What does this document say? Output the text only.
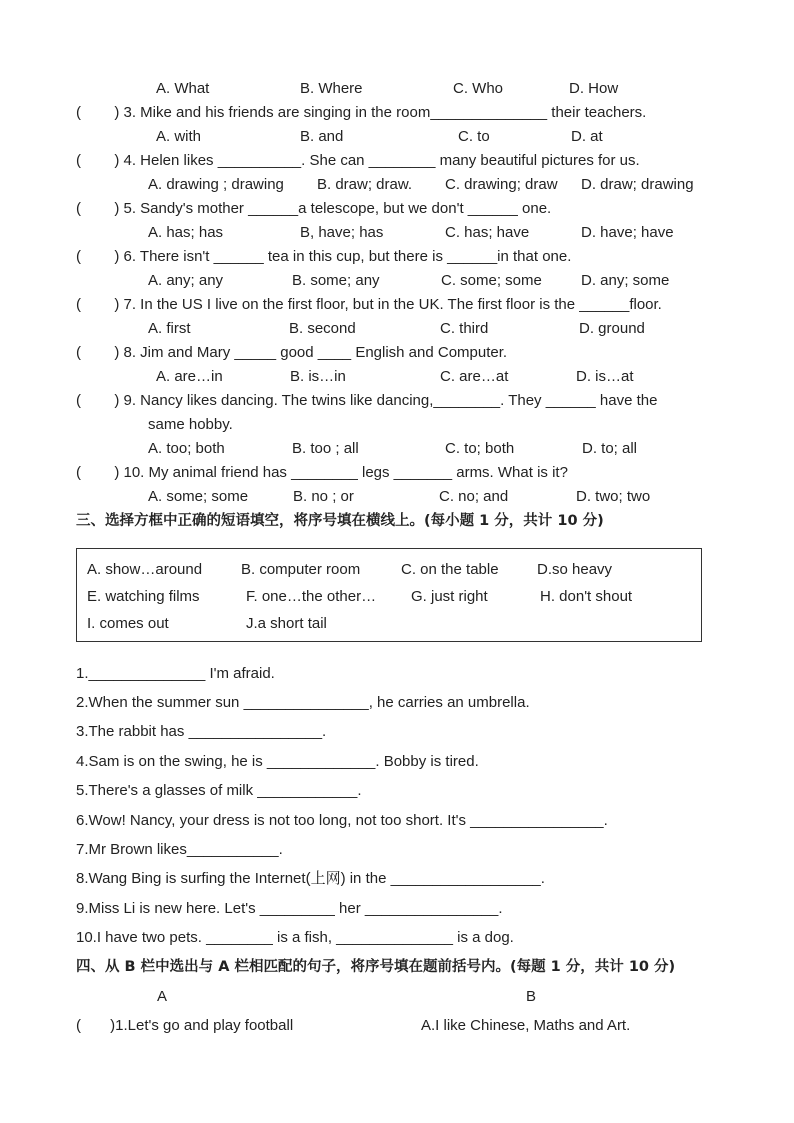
A. What	B. Where	C. Who	D. How
(        ) 3. Mike and his friends are singing in the room______________ their teachers.
A. with	B. and	C. to	D. at
(        ) 4. Helen likes __________. She can ________ many beautiful pictures for us.
A. drawing ; drawing B. draw; draw. C. drawing; draw D. draw; drawing
(        ) 5. Sandy's mother ______a telescope, but we don't ______ one.
A. has; has	B, have; has	C. has; have	D. have; have
(        ) 6. There isn't ______ tea in this cup, but there is ______in that one.
A. any; any	B. some; any	C. some; some	D. any; some
(        ) 7. In the US I live on the first floor, but in the UK. The first floor is the ______floor.
A. first	B. second	C. third	D. ground
(        ) 8. Jim and Mary _____ good ____ English and Computer.
A. are…in	B. is…in	C. are…at	D. is…at
(        ) 9. Nancy likes dancing. The twins like dancing,________. They ______ have the
same hobby.
A. too; both	B. too ; all	C. to; both	D. to; all
(        ) 10. My animal friend has ________ legs _______ arms. What is it?
A. some; some	B. no ; or	C. no; and	D. two; two
三、选择方框中正确的短语填空，将序号填在横线上。(每小题 1 分，共计 10 分)
A. show…around	B. computer room	C. on the table	D.so heavy
E. watching films	F. one…the other… G. just right	H. don't shout
I. comes out	J.a short tail
1.______________ I'm afraid.
2.When the summer sun _______________, he carries an umbrella.
3.The rabbit has ________________.
4.Sam is on the swing, he is _____________. Bobby is tired.
5.There's a glasses of milk ____________.
6.Wow! Nancy, your dress is not too long, not too short. It's ________________.
7.Mr Brown likes___________.
8.Wang Bing is surfing the Internet(上网) in the __________________.
9.Miss Li is new here. Let's _________ her ________________.
10.I have two pets. ________ is a fish, ______________ is a dog.
四、从 B 栏中选出与 A 栏相匹配的句子，将序号填在题前括号内。(每题 1 分，共计 10 分)
A	B
(       )1.Let's go and play football	A.I like Chinese, Maths and Art.
